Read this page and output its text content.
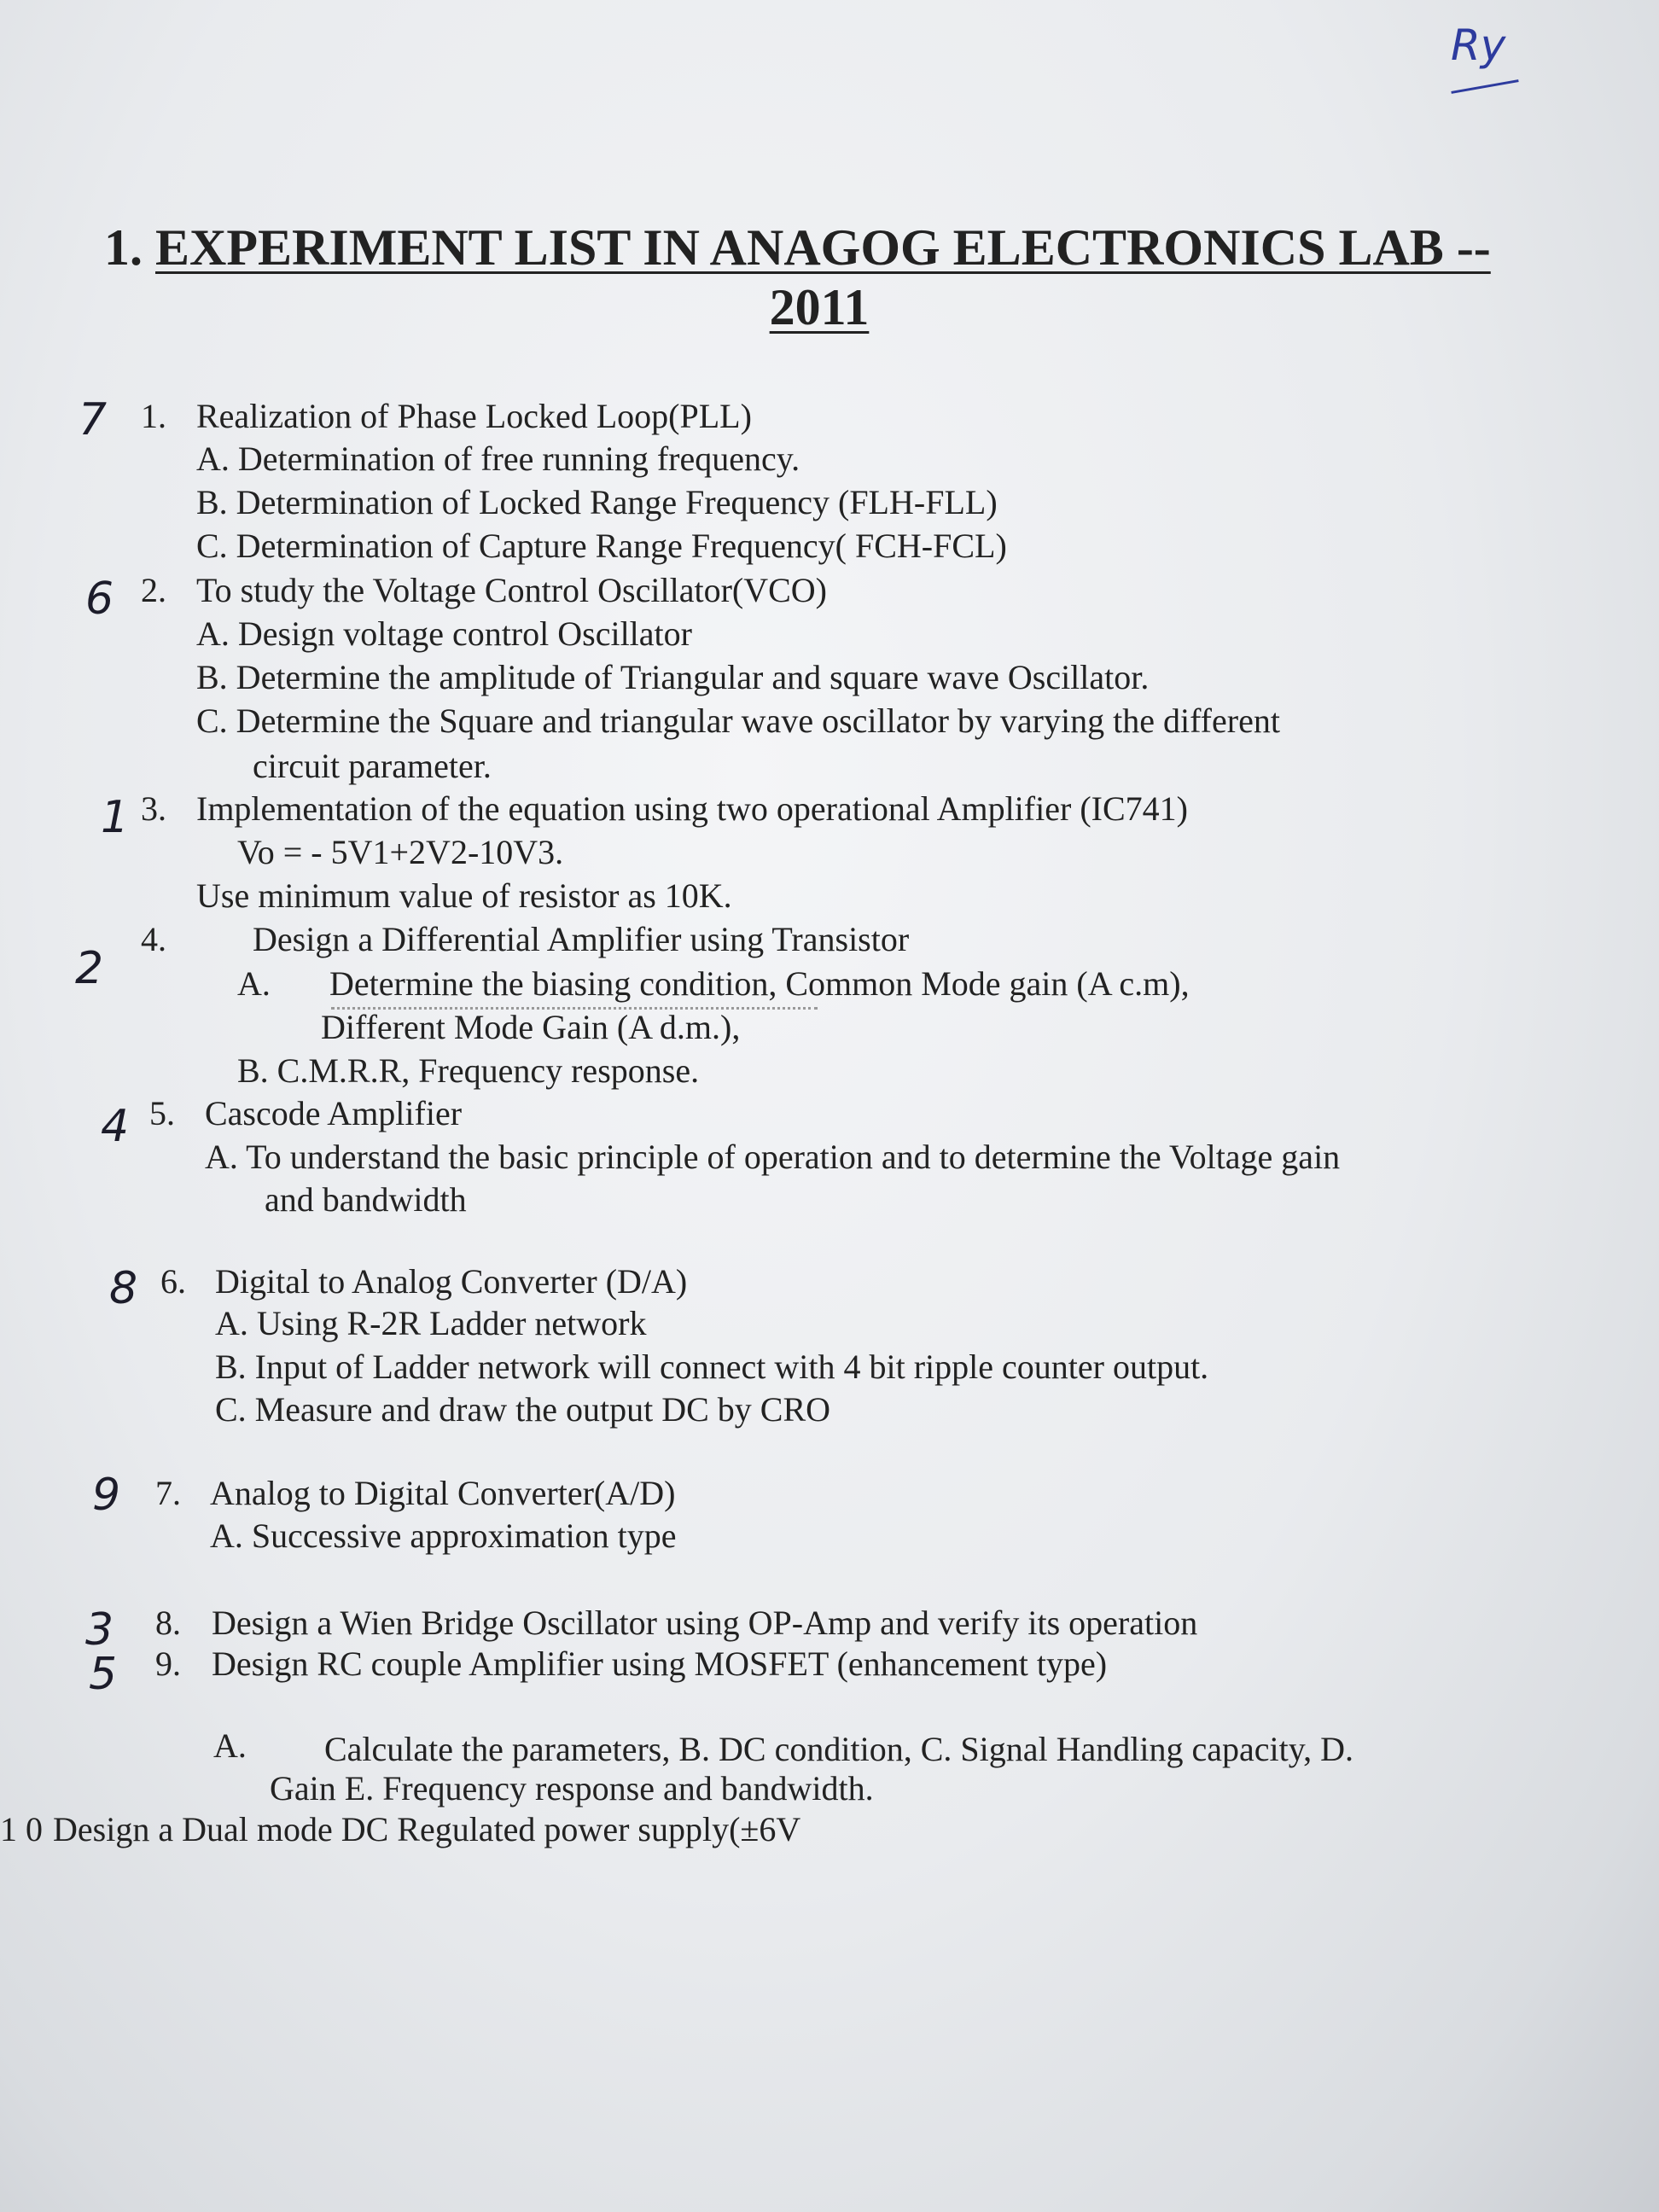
Ry
1. EXPERIMENT LIST IN ANAGOG ELECTRONICS LAB --
2011
7 1. Realization of Phase Locked Loop(PLL)
A. Determination of free running frequency.
B. Determination of Locked Range Frequency (FLH-FLL)
C. Determination of Capture Range Frequency( FCH-FCL)
6 2. To study the Voltage Control Oscillator(VCO)
A. Design voltage control Oscillator
B. Determine the amplitude of Triangular and square wave Oscillator.
C. Determine the Square and triangular wave oscillator by varying the different
circuit parameter.
1 3. Implementation of the equation using two operational Amplifier (IC741)
Vo = - 5V1+2V2-10V3.
Use minimum value of resistor as 10K.
2
4.	Design a Differential Amplifier using Transistor
A. Determine the biasing condition, Common Mode gain (A c.m),
Different Mode Gain (A d.m.),
B. C.M.R.R, Frequency response.
4 5. Cascode Amplifier
A. To understand the basic principle of operation and to determine the Voltage gain
and bandwidth
8 6. Digital to Analog Converter (D/A)
A. Using R-2R Ladder network
B. Input of Ladder network will connect with 4 bit ripple counter output.
C. Measure and draw the output DC by CRO
9 7. Analog to Digital Converter(A/D)
A. Successive approximation type
3 8. Design a Wien Bridge Oscillator using OP-Amp and verify its operation
5 9. Design RC couple Amplifier using MOSFET (enhancement type)
A. Calculate the parameters, B. DC condition, C. Signal Handling capacity, D.
Gain E. Frequency response and bandwidth.
1 0 Design a Dual mode DC Regulated power supply(±6V
